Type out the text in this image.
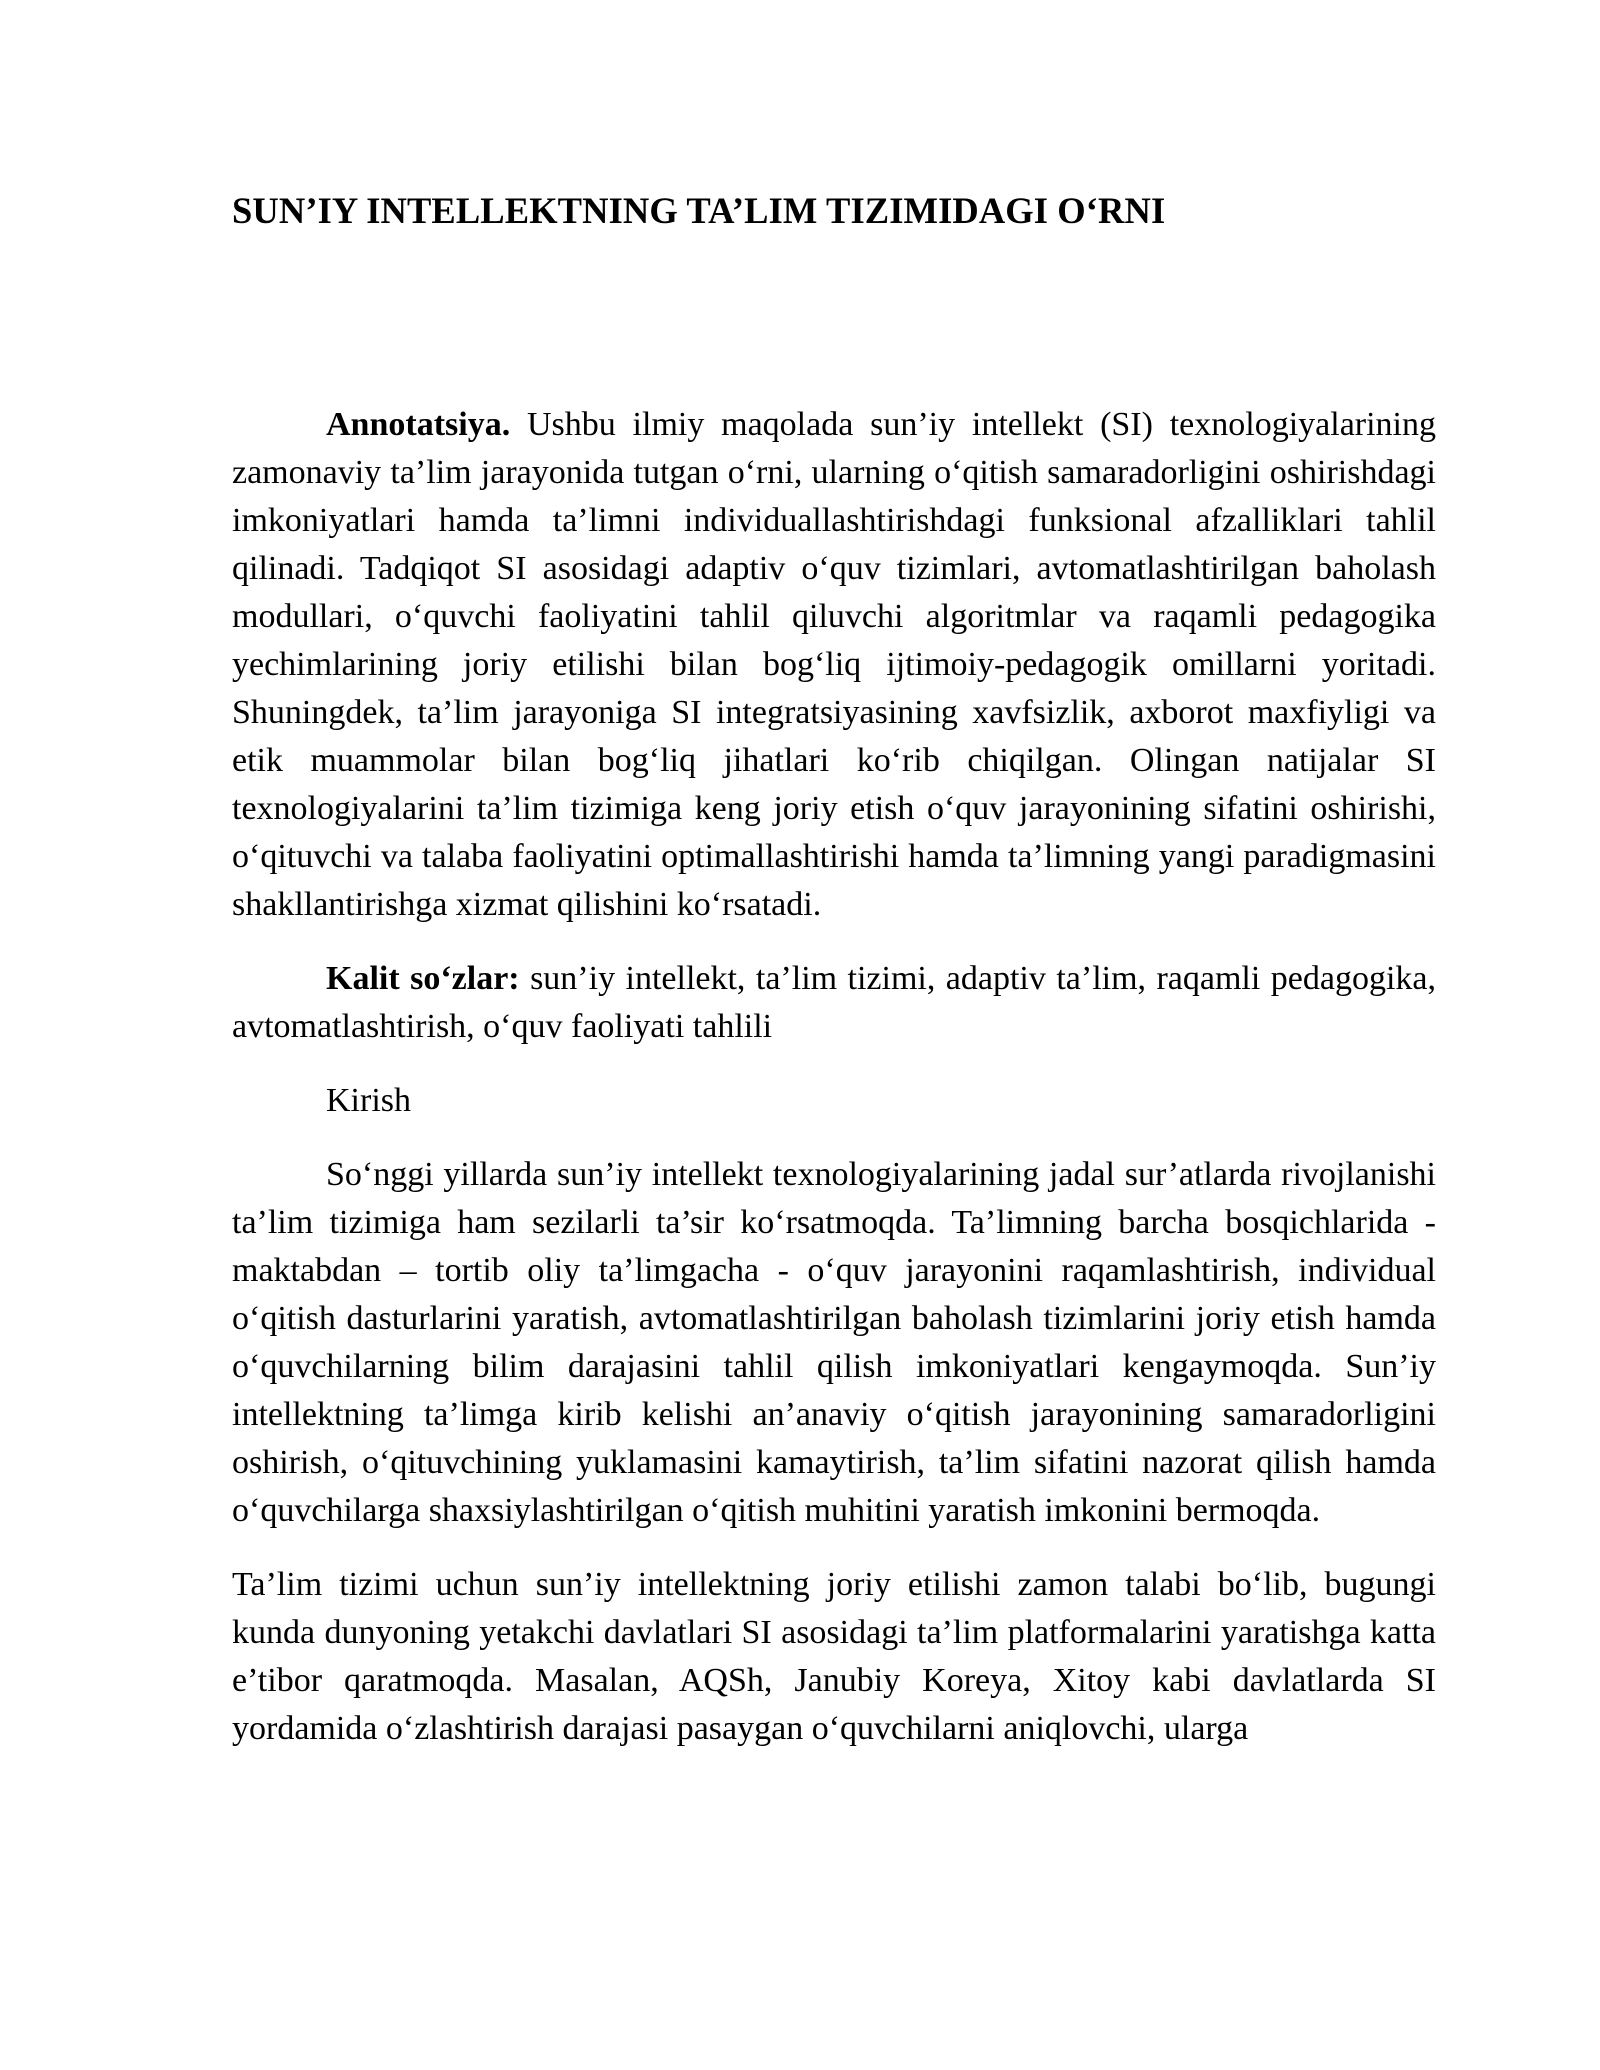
SUN’IY INTELLEKTNING TA’LIM TIZIMIDAGI O‘RNI

Annotatsiya. Ushbu ilmiy maqolada sun’iy intellekt (SI) texnologiyalarining zamonaviy ta’lim jarayonida tutgan o‘rni, ularning o‘qitish samaradorligini oshirishdagi imkoniyatlari hamda ta’limni individuallashtirishdagi funksional afzalliklari tahlil qilinadi. Tadqiqot SI asosidagi adaptiv o‘quv tizimlari, avtomatlashtirilgan baholash modullari, o‘quvchi faoliyatini tahlil qiluvchi algoritmlar va raqamli pedagogika yechimlarining joriy etilishi bilan bog‘liq ijtimoiy-pedagogik omillarni yoritadi. Shuningdek, ta’lim jarayoniga SI integratsiyasining xavfsizlik, axborot maxfiyligi va etik muammolar bilan bog‘liq jihatlari ko‘rib chiqilgan. Olingan natijalar SI texnologiyalarini ta’lim tizimiga keng joriy etish o‘quv jarayonining sifatini oshirishi, o‘qituvchi va talaba faoliyatini optimallashtirishi hamda ta’limning yangi paradigmasini shakllantirishga xizmat qilishini ko‘rsatadi.

Kalit so‘zlar: sun’iy intellekt, ta’lim tizimi, adaptiv ta’lim, raqamli pedagogika, avtomatlashtirish, o‘quv faoliyati tahlili

Kirish

So‘nggi yillarda sun’iy intellekt texnologiyalarining jadal sur’atlarda rivojlanishi ta’lim tizimiga ham sezilarli ta’sir ko‘rsatmoqda. Ta’limning barcha bosqichlarida - maktabdan – tortib oliy ta’limgacha - o‘quv jarayonini raqamlashtirish, individual o‘qitish dasturlarini yaratish, avtomatlashtirilgan baholash tizimlarini joriy etish hamda o‘quvchilarning bilim darajasini tahlil qilish imkoniyatlari kengaymoqda. Sun’iy intellektning ta’limga kirib kelishi an’anaviy o‘qitish jarayonining samaradorligini oshirish, o‘qituvchining yuklamasini kamaytirish, ta’lim sifatini nazorat qilish hamda o‘quvchilarga shaxsiylashtirilgan o‘qitish muhitini yaratish imkonini bermoqda.

Ta’lim tizimi uchun sun’iy intellektning joriy etilishi zamon talabi bo‘lib, bugungi kunda dunyoning yetakchi davlatlari SI asosidagi ta’lim platformalarini yaratishga katta e’tibor qaratmoqda. Masalan, AQSh, Janubiy Koreya, Xitoy kabi davlatlarda SI yordamida o‘zlashtirish darajasi pasaygan o‘quvchilarni aniqlovchi, ularga
